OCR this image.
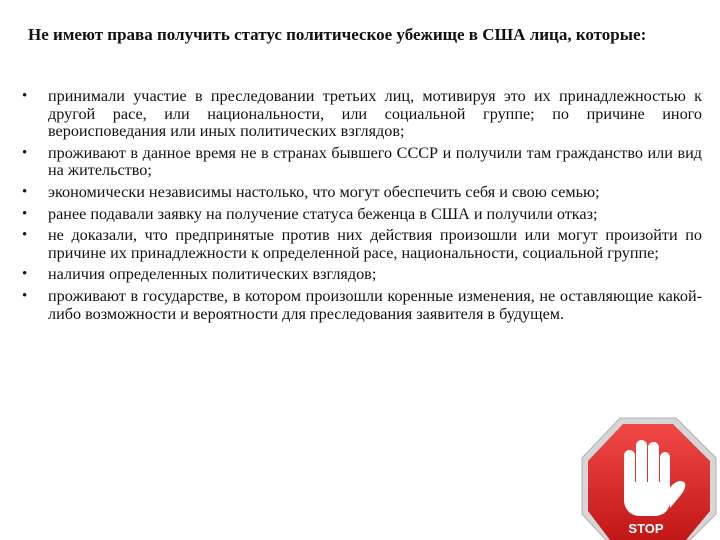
Не имеют права получить статус политическое убежище в США лица, которые:
• принимали участие в преследовании третьих лиц, мотивируя это их принадлежностью к другой расе, или национальности, или социальной группе; по причине иного вероисповедания или иных политических взглядов;
• проживают в данное время не в странах бывшего СССР и получили там гражданство или вид на жительство;
• экономически независимы настолько, что могут обеспечить себя и свою семью;
• ранее подавали заявку на получение статуса беженца в США и получили отказ;
• не доказали, что предпринятые против них действия произошли или могут произойти по причине их принадлежности к определенной расе, национальности, социальной группе;
• наличия определенных политических взглядов;
• проживают в государстве, в котором произошли коренные изменения, не оставляющие какой-либо возможности и вероятности для преследования заявителя в будущем.
STOP
